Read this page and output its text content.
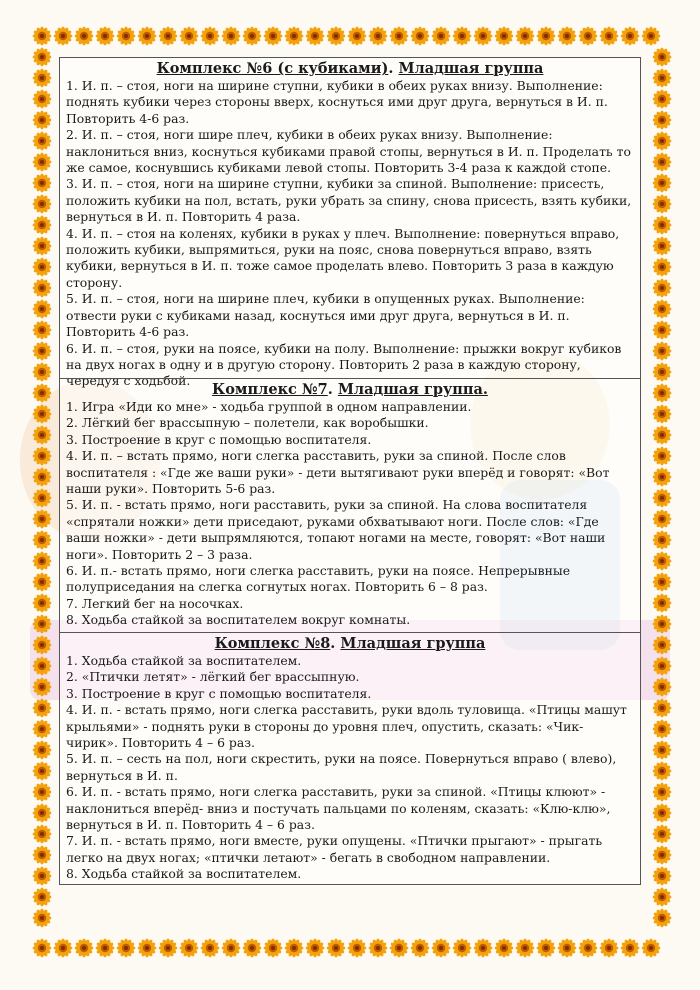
Комплекс №6 (с кубиками). Младшая группа

1. И. п. – стоя, ноги на ширине ступни, кубики в обеих руках внизу. Выполнение: поднять кубики через стороны вверх, коснуться ими друг друга, вернуться в И. п. Повторить 4-6 раз.
2. И. п. – стоя, ноги шире плеч, кубики в обеих руках внизу. Выполнение: наклониться вниз, коснуться кубиками правой стопы, вернуться в И. п. Проделать то же самое, коснувшись кубиками левой стопы. Повторить 3-4 раза к каждой стопе.
3. И. п. – стоя, ноги на ширине ступни, кубики за спиной. Выполнение: присесть, положить кубики на пол, встать, руки убрать за спину, снова присесть, взять кубики, вернуться в И. п. Повторить 4 раза.
4. И. п. – стоя на коленях, кубики в руках у плеч. Выполнение: повернуться вправо, положить кубики, выпрямиться, руки на пояс, снова повернуться вправо, взять кубики, вернуться в И. п. тоже самое проделать влево. Повторить 3 раза в каждую сторону.
5. И. п. – стоя, ноги на ширине плеч, кубики в опущенных руках. Выполнение: отвести руки с кубиками назад, коснуться ими друг друга, вернуться в И. п. Повторить 4-6 раз.
6. И. п. – стоя, руки на поясе, кубики на полу. Выполнение: прыжки вокруг кубиков на двух ногах в одну и в другую сторону. Повторить 2 раза в каждую сторону, чередуя с ходьбой.

Комплекс №7. Младшая группа.

1. Игра «Иди ко мне» - ходьба группой в одном направлении.
2. Лёгкий бег врассыпную – полетели, как воробышки.
3. Построение в круг с помощью воспитателя.
4. И. п. – встать прямо, ноги слегка расставить, руки за спиной. После слов воспитателя : «Где же ваши руки» - дети вытягивают руки вперёд и говорят: «Вот наши руки». Повторить 5-6 раз.
5. И. п. - встать прямо, ноги расставить, руки за спиной. На слова воспитателя «спрятали ножки» дети приседают, руками обхватывают ноги. После слов: «Где ваши ножки» - дети выпрямляются, топают ногами на месте, говорят: «Вот наши ноги». Повторить 2 – 3 раза.
6. И. п.- встать прямо, ноги слегка расставить, руки на поясе. Непрерывные полуприседания на слегка согнутых ногах. Повторить 6 – 8 раз.
7. Легкий бег на носочках.
8. Ходьба стайкой за воспитателем вокруг комнаты.

Комплекс №8. Младшая группа

1. Ходьба стайкой за воспитателем.
2. «Птички летят» - лёгкий бег врассыпную.
3. Построение в круг с помощью воспитателя.
4. И. п. - встать прямо, ноги слегка расставить, руки вдоль туловища. «Птицы машут крыльями» - поднять руки в стороны до уровня плеч, опустить, сказать: «Чик-чирик». Повторить 4 – 6 раз.
5. И. п. – сесть на пол, ноги скрестить, руки на поясе. Повернуться вправо ( влево), вернуться в И. п.
6. И. п. - встать прямо, ноги слегка расставить, руки за спиной. «Птицы клюют» - наклониться вперёд- вниз и постучать пальцами по коленям, сказать: «Клю-клю», вернуться в И. п. Повторить 4 – 6 раз.
7. И. п. - встать прямо, ноги вместе, руки опущены. «Птички прыгают» - прыгать легко на двух ногах; «птички летают» - бегать в свободном направлении.
8. Ходьба стайкой за воспитателем.
